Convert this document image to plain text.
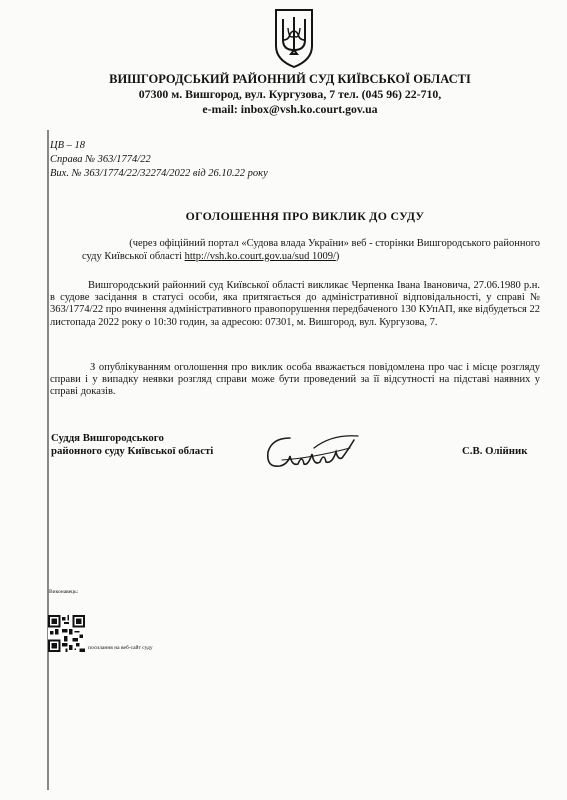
ВИШГОРОДСЬКИЙ РАЙОННИЙ СУД КИЇВСЬКОЇ ОБЛАСТІ
07300 м. Вишгород, вул. Кургузова, 7 тел. (045 96) 22-710,
e-mail: inbox@vsh.ko.court.gov.ua
ЦВ – 18
Справа № 363/1774/22
Вих. № 363/1774/22/32274/2022 від 26.10.22 року
ОГОЛОШЕННЯ ПРО ВИКЛИК ДО СУДУ
(через офіційний портал «Судова влада України» веб - сторінки Вишгородського районного
суду Київської області http://vsh.ko.court.gov.ua/sud 1009/)
Вишгородський районний суд Київської області викликає Черпенка Івана Івановича, 27.06.1980 р.н. в судове засідання в статусі особи, яка притягається до адміністративної відповідальності, у справі № 363/1774/22 про вчинення адміністративного правопорушення передбаченого 130 КУпАП, яке відбудеться 22 листопада 2022 року о 10:30 годин, за адресою: 07301, м. Вишгород, вул. Кургузова, 7.
З опублікуванням оголошення про виклик особа вважається повідомлена про час і місце розгляду справи і у випадку неявки розгляд справи може бути проведений за її відсутності на підставі наявних у справі доказів.
Суддя Вишгородського
районного суду Київської області	С.В. Олійник
Виконавець:
посилання на веб-сайт суду
